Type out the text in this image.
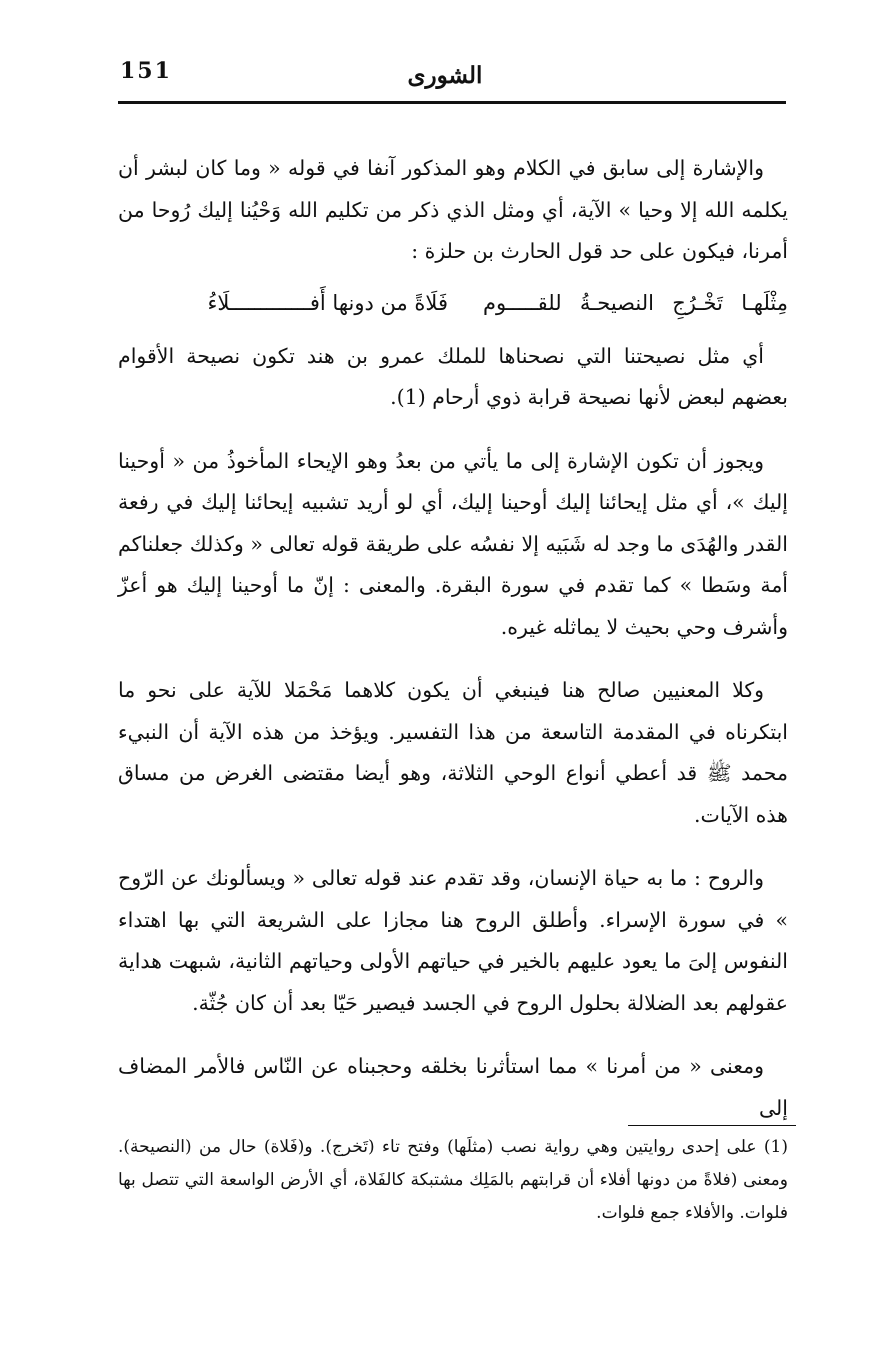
151	الشورى

والإشارة إلى سابق في الكلام وهو المذكور آنفا في قوله « وما كان لبشر أن يكلمه الله إلا وحيا » الآية، أي ومثل الذي ذكر من تكليم الله وَحْيُنا إليك رُوحا من أمرنا، فيكون على حد قول الحارث بن حلزة :

مِثْلَهـا تَخْـرُجِ النصيحـةُ للقـــــوم
فَلَاةً من دونها أَفـــــــــــــلَاءُ

أي مثل نصيحتنا التي نصحناها للملك عمرو بن هند تكون نصيحة الأقوام بعضهم لبعض لأنها نصيحة قرابة ذوي أرحام (1).

ويجوز أن تكون الإشارة إلى ما يأتي من بعدُ وهو الإيحاء المأخوذُ من « أوحينا إليك »، أي مثل إيحائنا إليك أوحينا إليك، أي لو أريد تشبيه إيحائنا إليك في رفعة القدر والهُدَى ما وجد له شَبَيه إلا نفسُه على طريقة قوله تعالى « وكذلك جعلناكم أمة وسَطا » كما تقدم في سورة البقرة. والمعنى : إنّ ما أوحينا إليك هو أعزّ وأشرف وحي بحيث لا يماثله غيره.

وكلا المعنيين صالح هنا فينبغي أن يكون كلاهما مَحْمَلا للآية على نحو ما ابتكرناه في المقدمة التاسعة من هذا التفسير. ويؤخذ من هذه الآية أن النبيء محمد ﷺ قد أعطي أنواع الوحي الثلاثة، وهو أيضا مقتضى الغرض من مساق هذه الآيات.

والروح : ما به حياة الإنسان، وقد تقدم عند قوله تعالى « ويسألونك عن الرّوح » في سورة الإسراء. وأطلق الروح هنا مجازا على الشريعة التي بها اهتداء النفوس إلىَ ما يعود عليهم بالخير في حياتهم الأولى وحياتهم الثانية، شبهت هداية عقولهم بعد الضلالة بحلول الروح في الجسد فيصير حَيّا بعد أن كان جُثّة.

ومعنى « من أمرنا » مما استأثرنا بخلقه وحجبناه عن النّاس فالأمر المضاف إلى

(1) على إحدى روايتين وهي رواية نصب (مثلَها) وفتح تاء (تَخرج). و(فَلاة) حال من (النصيحة). ومعنى (فلاةً من دونها أفلاء أن قرابتهم بالمَلِك مشتبكة كالفَلاة، أي الأرض الواسعة التي تتصل بها فلوات. والأفلاء جمع فلوات.
